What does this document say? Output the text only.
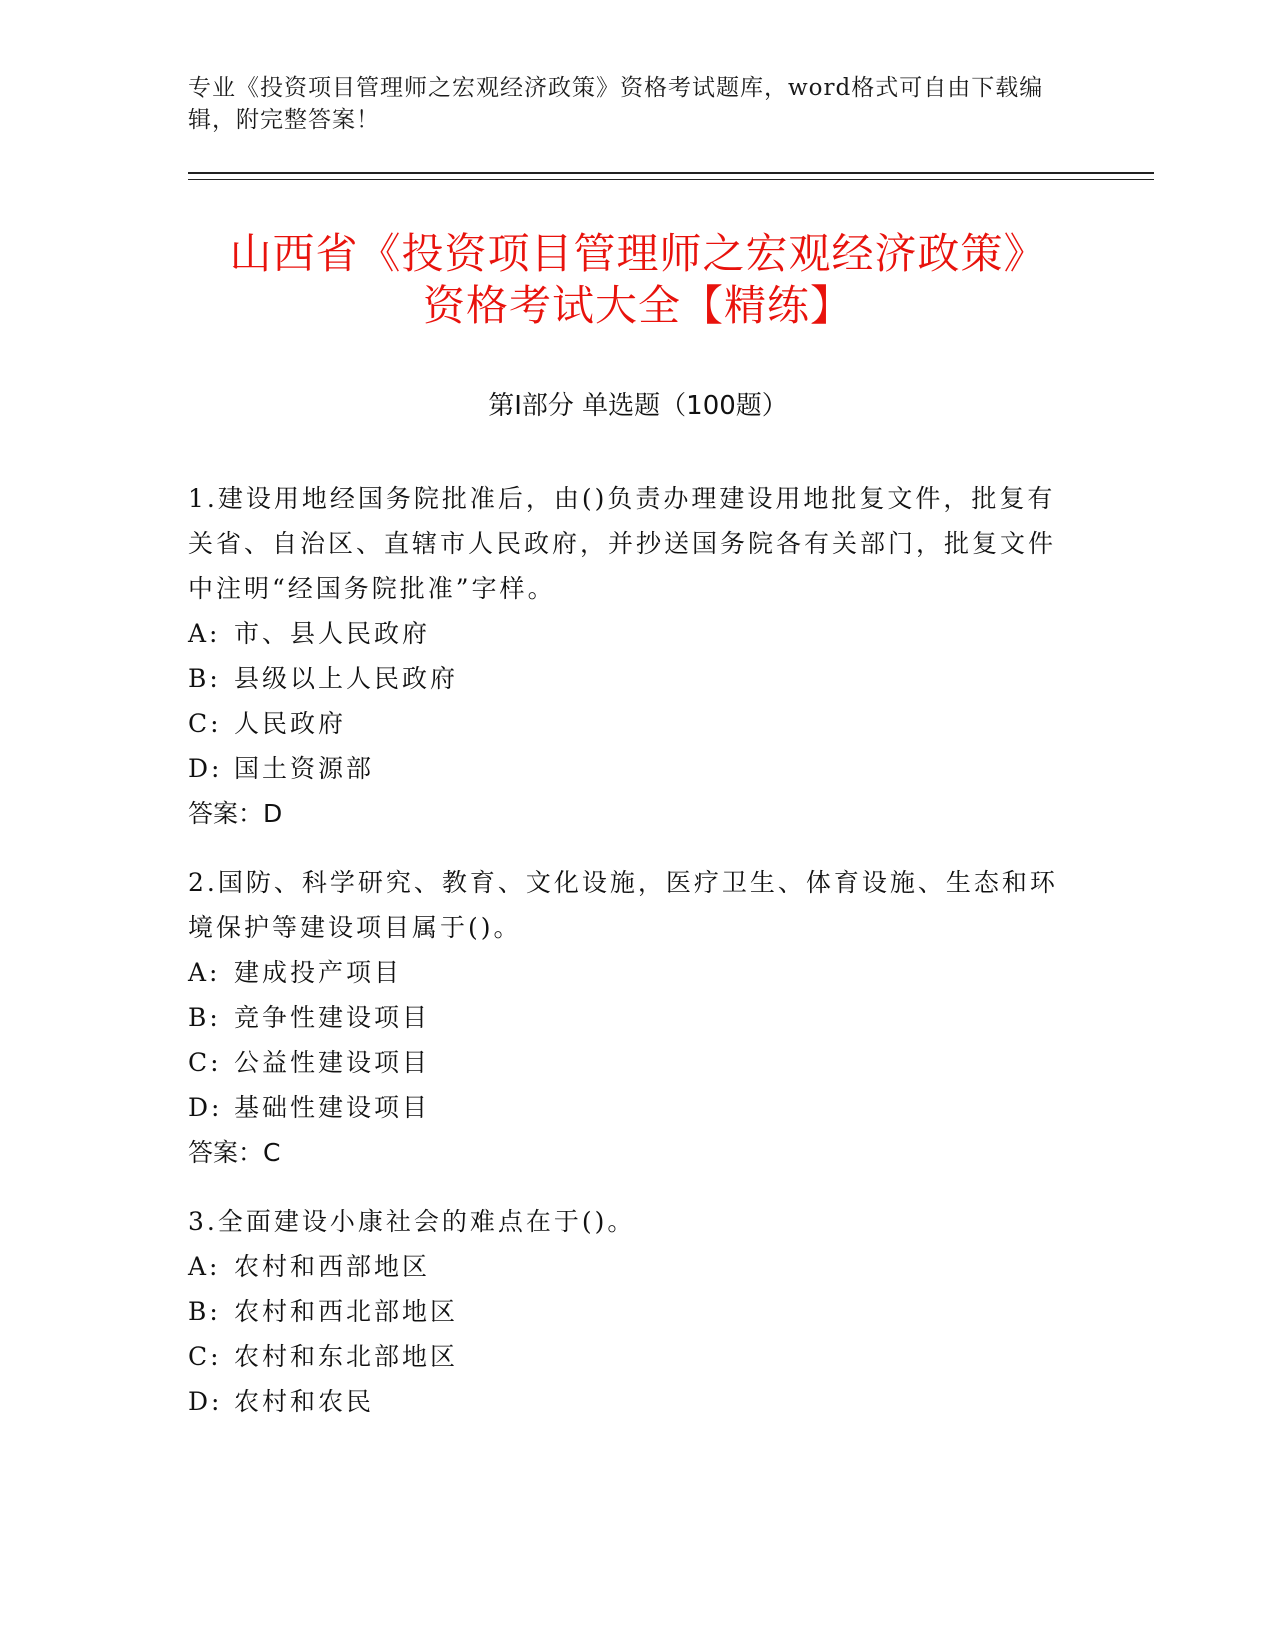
专业《投资项目管理师之宏观经济政策》资格考试题库，word格式可自由下载编辑，附完整答案！
山西省《投资项目管理师之宏观经济政策》
资格考试大全【精练】
第Ⅰ部分 单选题（100题）

1.建设用地经国务院批准后，由()负责办理建设用地批复文件，批复有关省、自治区、直辖市人民政府，并抄送国务院各有关部门，批复文件中注明“经国务院批准”字样。

A: 市、县人民政府

B: 县级以上人民政府

C: 人民政府

D: 国土资源部

答案：D

2.国防、科学研究、教育、文化设施，医疗卫生、体育设施、生态和环境保护等建设项目属于()。

A: 建成投产项目

B: 竞争性建设项目

C: 公益性建设项目

D: 基础性建设项目

答案：C

3.全面建设小康社会的难点在于()。

A: 农村和西部地区

B: 农村和西北部地区

C: 农村和东北部地区

D: 农村和农民
